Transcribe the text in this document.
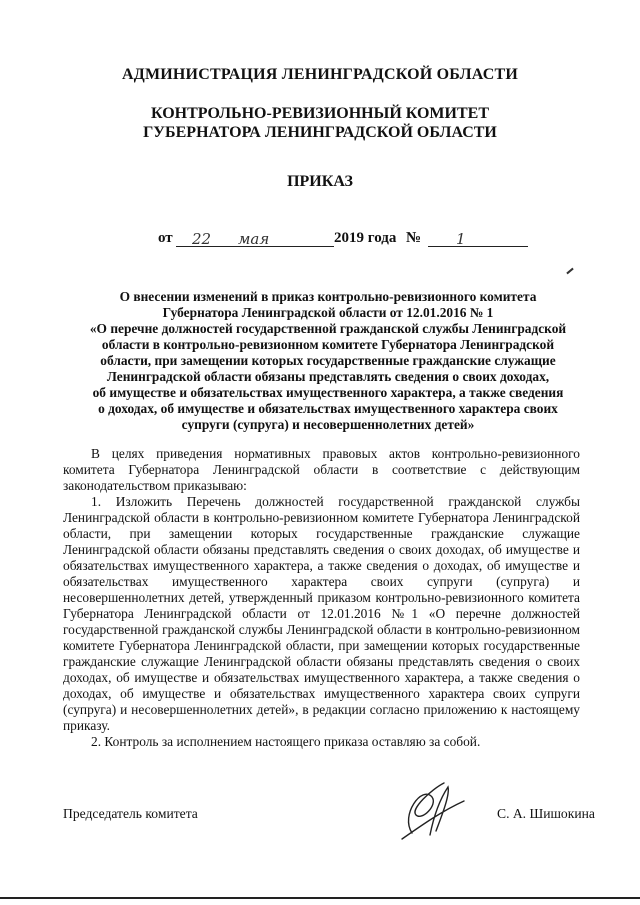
АДМИНИСТРАЦИЯ ЛЕНИНГРАДСКОЙ ОБЛАСТИ
КОНТРОЛЬНО-РЕВИЗИОННЫЙ КОМИТЕТ
ГУБЕРНАТОРА ЛЕНИНГРАДСКОЙ ОБЛАСТИ
ПРИКАЗ
от 22 мая	2019 года № 1
О внесении изменений в приказ контрольно-ревизионного комитета
Губернатора Ленинградской области от 12.01.2016 № 1
«О перечне должностей государственной гражданской службы Ленинградской
области в контрольно-ревизионном комитете Губернатора Ленинградской
области, при замещении которых государственные гражданские служащие
Ленинградской области обязаны представлять сведения о своих доходах,
об имуществе и обязательствах имущественного характера, а также сведения
о доходах, об имуществе и обязательствах имущественного характера своих
супруги (супруга) и несовершеннолетних детей»

В целях приведения нормативных правовых актов контрольно-ревизионного комитета Губернатора Ленинградской области в соответствие с действующим законодательством приказываю:

1. Изложить Перечень должностей государственной гражданской службы Ленинградской области в контрольно-ревизионном комитете Губернатора Ленинградской области, при замещении которых государственные гражданские служащие Ленинградской области обязаны представлять сведения о своих доходах, об имуществе и обязательствах имущественного характера, а также сведения о доходах, об имуществе и обязательствах имущественного характера своих супруги (супруга) и несовершеннолетних детей, утвержденный приказом контрольно-ревизионного комитета Губернатора Ленинградской области от 12.01.2016 №1 «О перечне должностей государственной гражданской службы Ленинградской области в контрольно-ревизионном комитете Губернатора Ленинградской области, при замещении которых государственные гражданские служащие Ленинградской области обязаны представлять сведения о своих доходах, об имуществе и обязательствах имущественного характера, а также сведения о доходах, об имуществе и обязательствах имущественного характера своих супруги (супруга) и несовершеннолетних детей», в редакции согласно приложению к настоящему приказу.

2. Контроль за исполнением настоящего приказа оставляю за собой.

Председатель комитета	С. А. Шишокина
